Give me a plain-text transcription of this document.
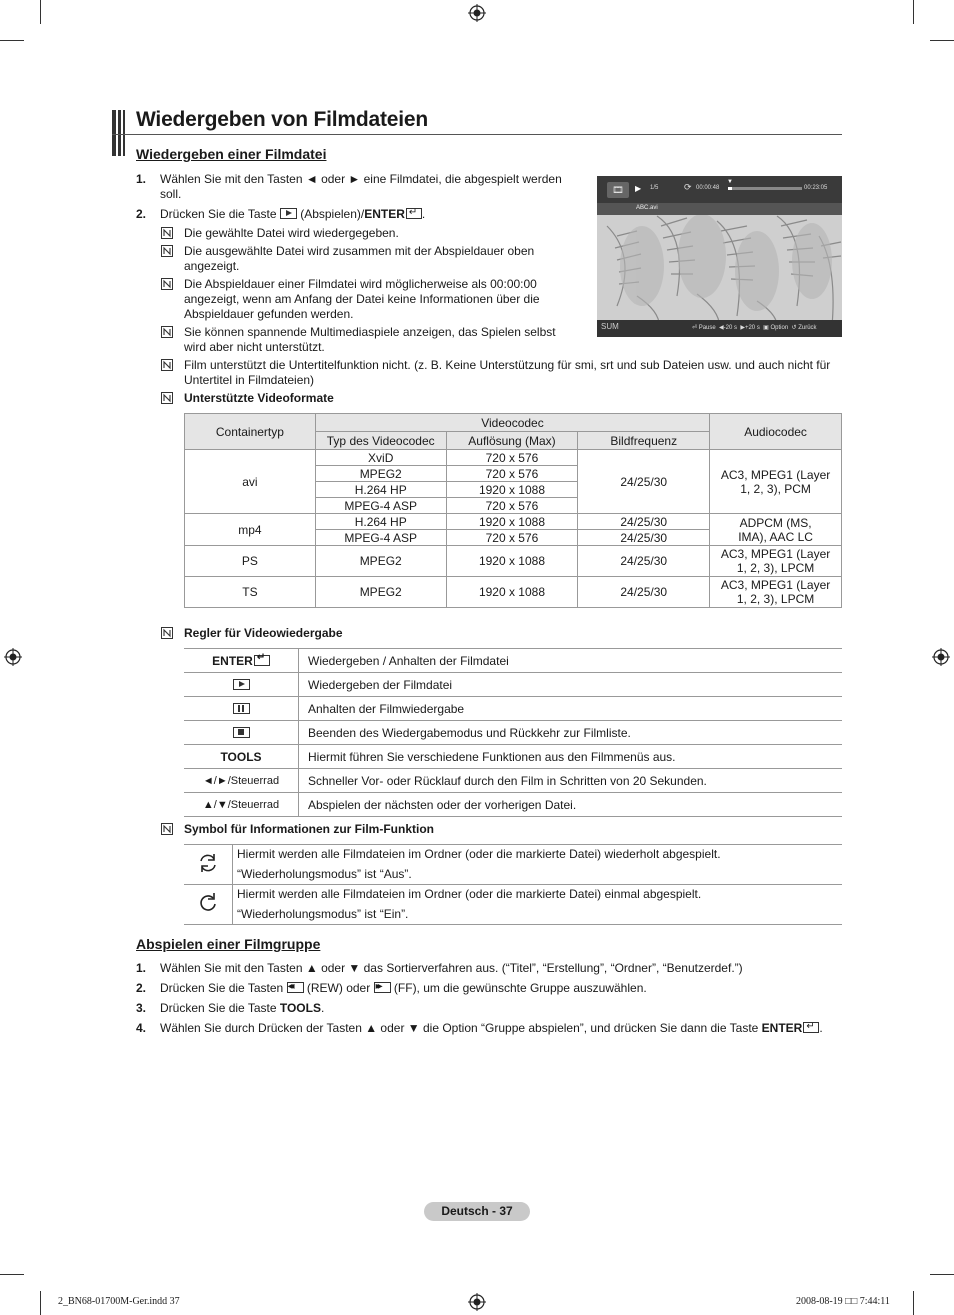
Wiedergeben von Filmdateien
Wiedergeben einer Filmdatei
1. Wählen Sie mit den Tasten ◄ oder ► eine Filmdatei, die abgespielt werden soll.
2. Drücken Sie die Taste (Abspielen)/ENTER ↵ .
Die gewählte Datei wird wiedergegeben.
Die ausgewählte Datei wird zusammen mit der Abspieldauer oben angezeigt.
Die Abspieldauer einer Filmdatei wird möglicherweise als 00:00:00 angezeigt, wenn am Anfang der Datei keine Informationen über die Abspieldauer gefunden werden.
Sie können spannende Multimediaspiele anzeigen, das Spielen selbst wird aber nicht unterstützt.
Film unterstützt die Untertitelfunktion nicht. (z. B. Keine Unterstützung für smi, srt und sub Dateien usw. und auch nicht für Untertitel in Filmdateien)
Unterstützte Videoformate
🎞	▶ 1/5	⟳ 00:00:48
▼
00:23:05
ABC.avi
SUM	⏎ Pause  ◀-20 s  ▶+20 s  ▣ Option  ↺ Zurück
Containertyp	Videocodec			Audiocodec
	Typ des Videocodec	Auflösung (Max)	Bildfrequenz	
avi	XviD	720 x 576	24/25/30	AC3, MPEG1 (Layer 1, 2, 3), PCM
	MPEG2	720 x 576		
	H.264 HP	1920 x 1088		
	MPEG-4 ASP	720 x 576		
mp4	H.264 HP	1920 x 1088	24/25/30	ADPCM (MS, IMA), AAC LC
	MPEG-4 ASP	720 x 576	24/25/30	
PS	MPEG2	1920 x 1088	24/25/30	AC3, MPEG1 (Layer 1, 2, 3), LPCM
TS	MPEG2	1920 x 1088	24/25/30	AC3, MPEG1 (Layer 1, 2, 3), LPCM
Regler für Videowiedergabe
ENTER↵	Wiedergeben / Anhalten der Filmdatei
	Wiedergeben der Filmdatei
	Anhalten der Filmwiedergabe
	Beenden des Wiedergabemodus und Rückkehr zur Filmliste.
TOOLS	Hiermit führen Sie verschiedene Funktionen aus den Filmmenüs aus.
◄/►/Steuerrad	Schneller Vor- oder Rücklauf durch den Film in Schritten von 20 Sekunden.
▲/▼/Steuerrad	Abspielen der nächsten oder der vorherigen Datei.
Symbol für Informationen zur Film-Funktion

Hiermit werden alle Filmdateien im Ordner (oder die markierte Datei) wiederholt abgespielt.
“Wiederholungsmodus” ist “Aus”.

Hiermit werden alle Filmdateien im Ordner (oder die markierte Datei) einmal abgespielt.
“Wiederholungsmodus” ist “Ein”.
Abspielen einer Filmgruppe
1. Wählen Sie mit den Tasten ▲ oder ▼ das Sortierverfahren aus. (“Titel”, “Erstellung”, “Ordner”, “Benutzerdef.”)
2. Drücken Sie die Tasten ◂◂ (REW) oder ▸▸ (FF), um die gewünschte Gruppe auszuwählen.
3. Drücken Sie die Taste TOOLS.
4. Wählen Sie durch Drücken der Tasten ▲ oder ▼ die Option “Gruppe abspielen”, und drücken Sie dann die Taste ENTER ↵ .
Deutsch - 37
2_BN68-01700M-Ger.indd 37	2008-08-19 □□ 7:44:11
